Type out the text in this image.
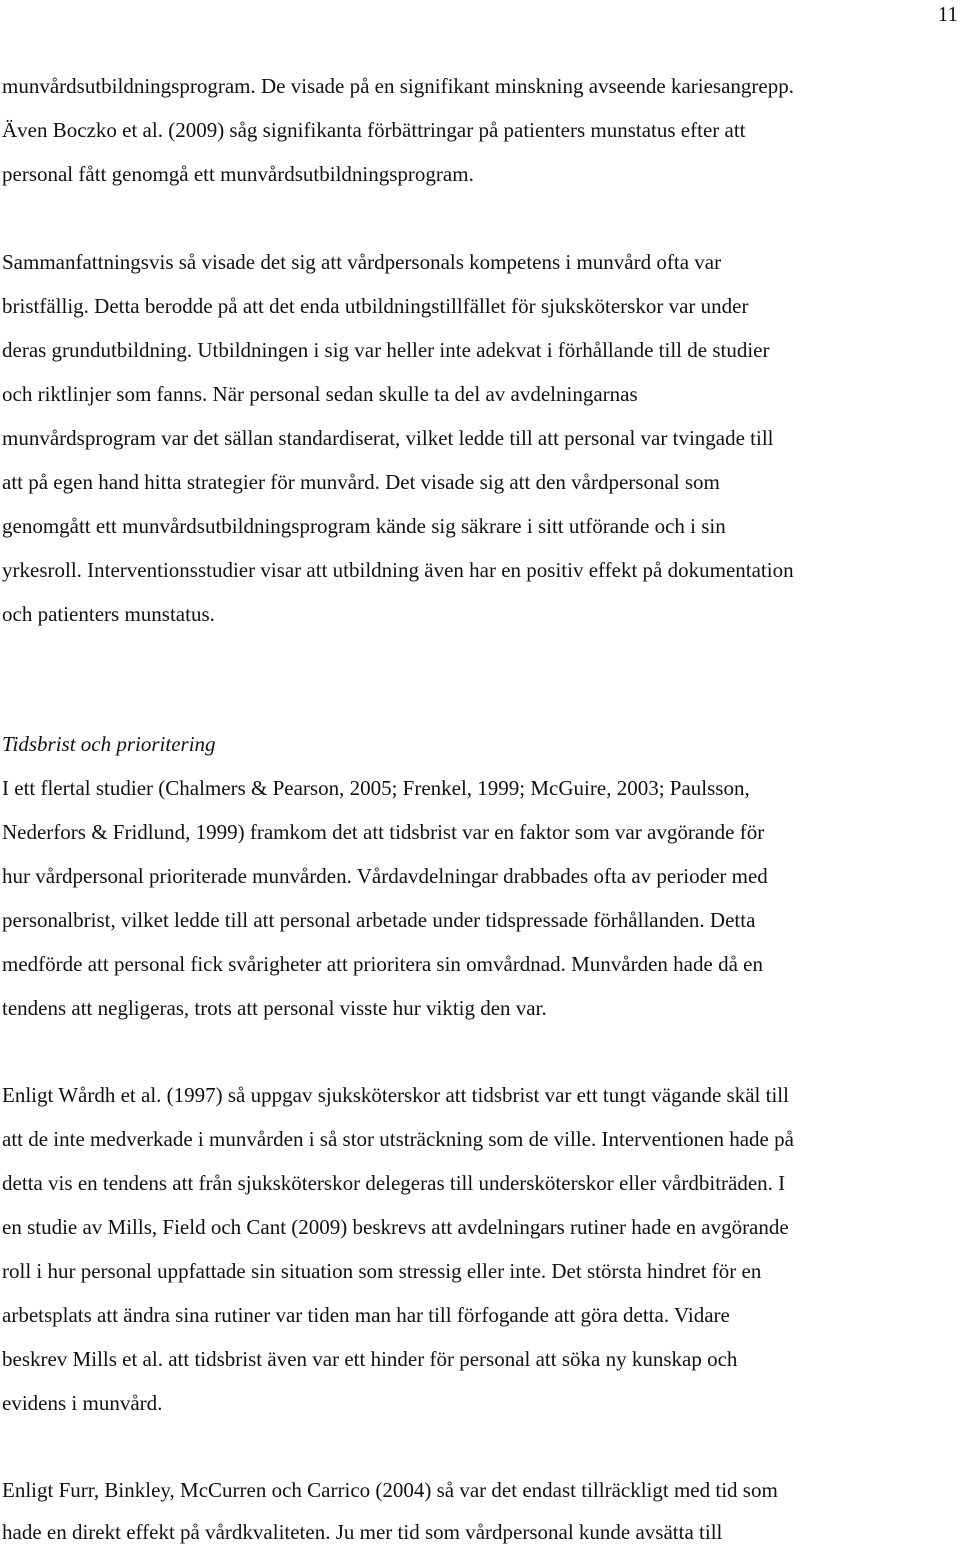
11
munvårdsutbildningsprogram. De visade på en signifikant minskning avseende kariesangrepp.
Även Boczko et al. (2009) såg signifikanta förbättringar på patienters munstatus efter att
personal fått genomgå ett munvårdsutbildningsprogram.
Sammanfattningsvis så visade det sig att vårdpersonals kompetens i munvård ofta var
bristfällig. Detta berodde på att det enda utbildningstillfället för sjuksköterskor var under
deras grundutbildning. Utbildningen i sig var heller inte adekvat i förhållande till de studier
och riktlinjer som fanns. När personal sedan skulle ta del av avdelningarnas
munvårdsprogram var det sällan standardiserat, vilket ledde till att personal var tvingade till
att på egen hand hitta strategier för munvård. Det visade sig att den vårdpersonal som
genomgått ett munvårdsutbildningsprogram kände sig säkrare i sitt utförande och i sin
yrkesroll. Interventionsstudier visar att utbildning även har en positiv effekt på dokumentation
och patienters munstatus.
Tidsbrist och prioritering
I ett flertal studier (Chalmers & Pearson, 2005; Frenkel, 1999; McGuire, 2003; Paulsson,
Nederfors & Fridlund, 1999) framkom det att tidsbrist var en faktor som var avgörande för
hur vårdpersonal prioriterade munvården. Vårdavdelningar drabbades ofta av perioder med
personalbrist, vilket ledde till att personal arbetade under tidspressade förhållanden. Detta
medförde att personal fick svårigheter att prioritera sin omvårdnad. Munvården hade då en
tendens att negligeras, trots att personal visste hur viktig den var.
Enligt Wårdh et al. (1997) så uppgav sjuksköterskor att tidsbrist var ett tungt vägande skäl till
att de inte medverkade i munvården i så stor utsträckning som de ville. Interventionen hade på
detta vis en tendens att från sjuksköterskor delegeras till undersköterskor eller vårdbiträden. I
en studie av Mills, Field och Cant (2009) beskrevs att avdelningars rutiner hade en avgörande
roll i hur personal uppfattade sin situation som stressig eller inte. Det största hindret för en
arbetsplats att ändra sina rutiner var tiden man har till förfogande att göra detta. Vidare
beskrev Mills et al. att tidsbrist även var ett hinder för personal att söka ny kunskap och
evidens i munvård.
Enligt Furr, Binkley, McCurren och Carrico (2004) så var det endast tillräckligt med tid som
hade en direkt effekt på vårdkvaliteten. Ju mer tid som vårdpersonal kunde avsätta till
